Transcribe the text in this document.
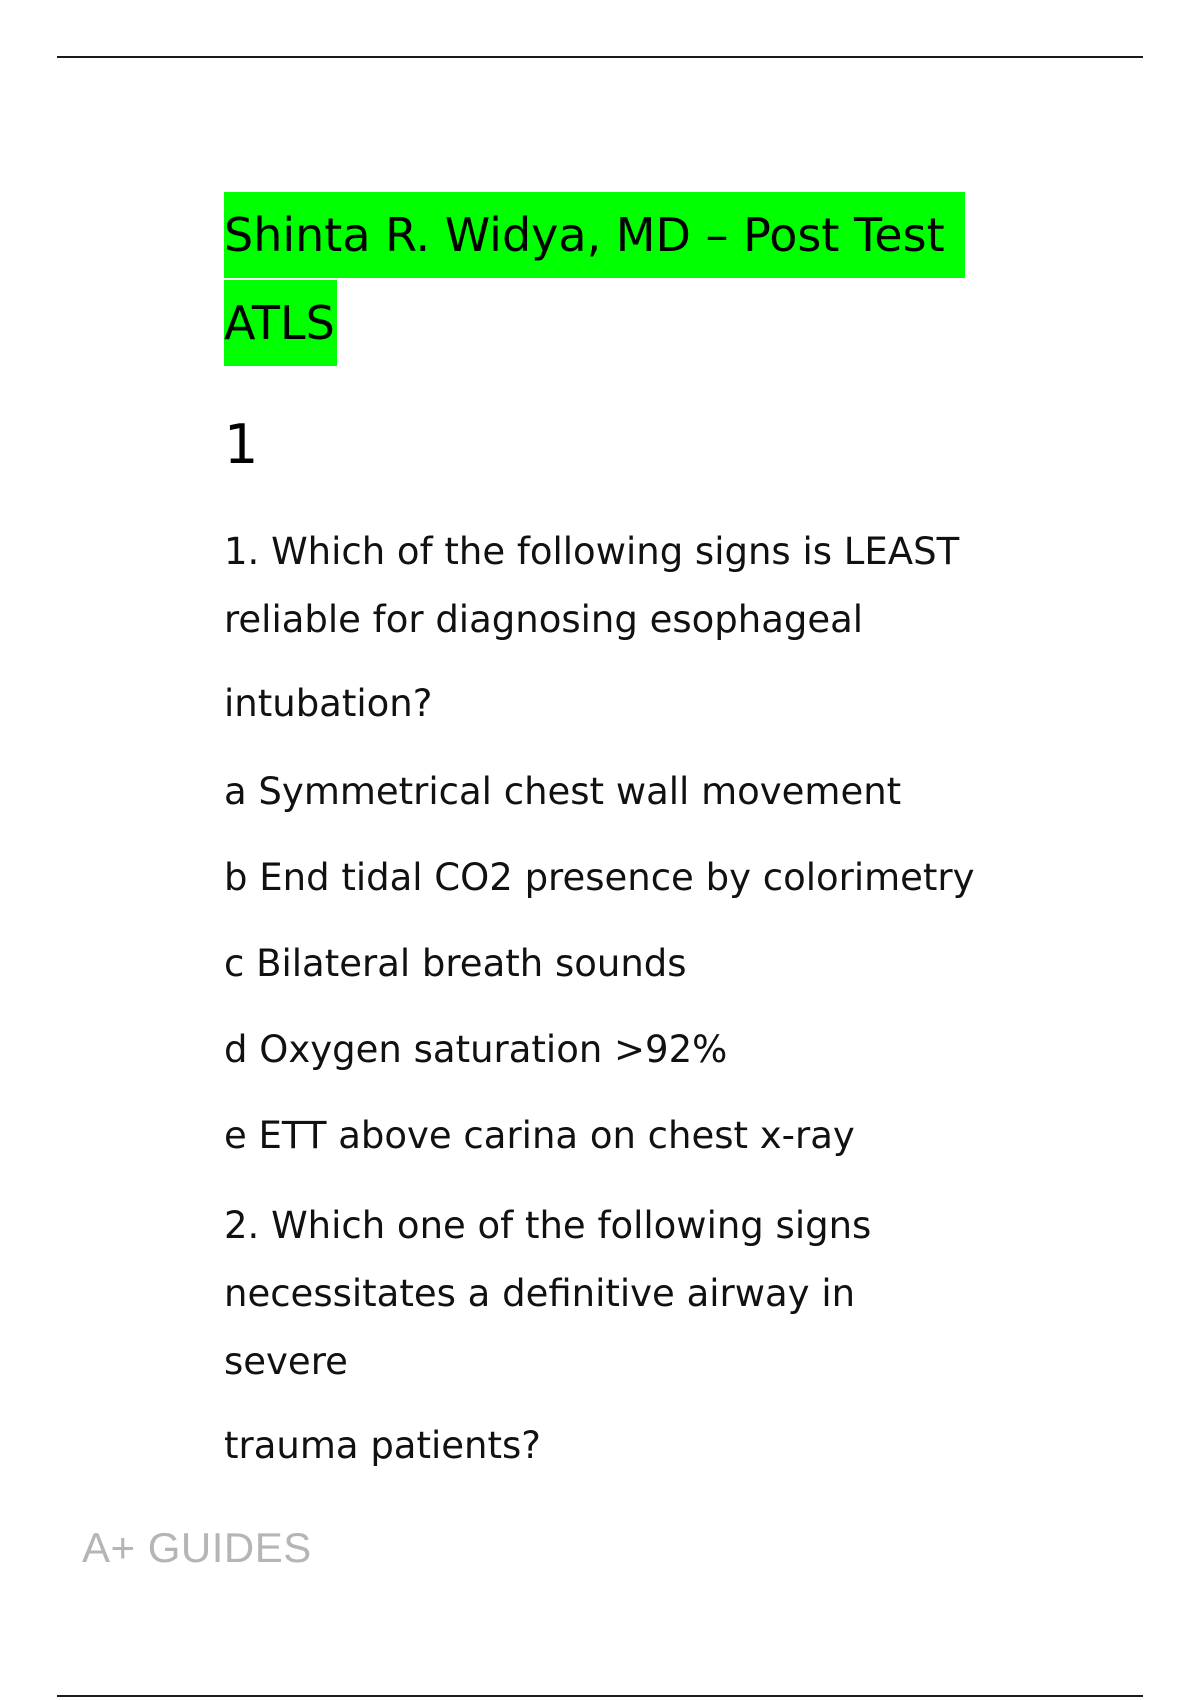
Shinta R. Widya, MD – Post Test
ATLS
1
1. Which of the following signs is LEAST reliable for diagnosing esophageal
intubation?
a Symmetrical chest wall movement
b End tidal CO2 presence by colorimetry
c Bilateral breath sounds
d Oxygen saturation >92%
e ETT above carina on chest x-ray
2. Which one of the following signs necessitates a definitive airway in severe
trauma patients?
A+ GUIDES
